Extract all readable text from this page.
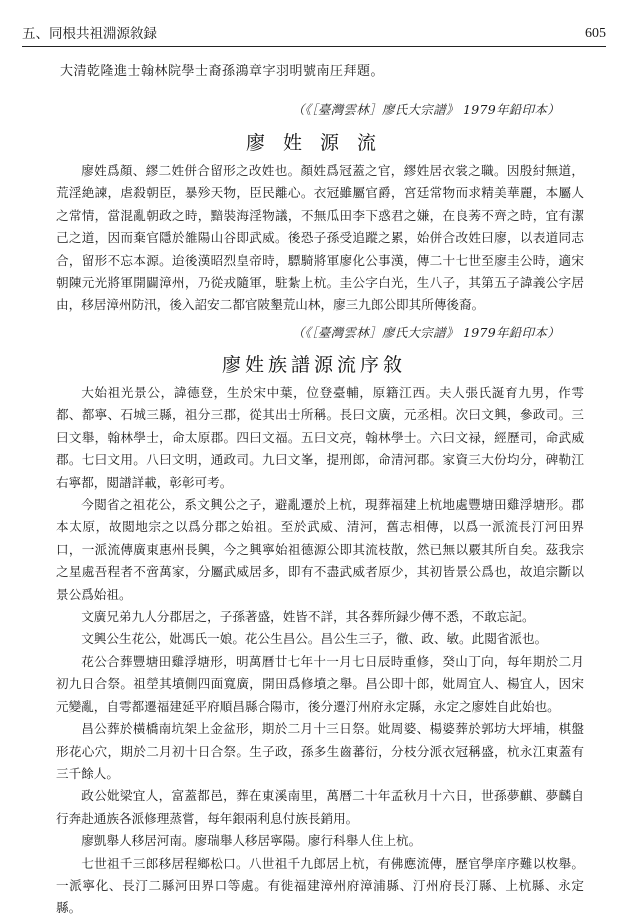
五、同根共祖淵源敘録	605
大清乾隆進士翰林院學士裔孫鴻章字羽明號南圧拜題。
（《［臺灣雲林］廖氏大宗譜》 1979年鉛印本）
廖 姓 源 流

廖姓爲顏、繆二姓併合留形之改姓也。顏姓爲冠蓋之官，繆姓居衣裳之職。因殷紂無道，荒淫絶諫，虐殺朝臣，暴殄天物，臣民離心。衣冠雖屬官爵，宮廷常物而求精美華麗，本屬人之常情，當混亂朝政之時，黯裝海淫物議，不無瓜田李下惑君之嫌，在良莠不齊之時，宜有潔己之道，因而棄官隱於雒陽山谷即武威。後恐子孫受追蹤之累，始併合改姓曰廖，以表道同志合，留形不忘本源。迨後漢昭烈皇帝時，驃騎將軍廖化公事漢，傳二十七世至廖圭公時，適宋朝陳元光將軍開闢漳州，乃從戎隨軍，駐紮上杭。圭公字白光，生八子，其第五子諱義公字居由，移居漳州防汛，後入詔安二都官陂墾荒山林，廖三九郎公即其所傳後裔。

（《［臺灣雲林］廖氏大宗譜》 1979年鉛印本）
廖姓族譜源流序敘

大始祖光景公，諱德登，生於宋中葉，位登臺輔，原籍江西。夫人張氏誕育九男，作雩都、都寧、石城三縣，祖分三郡，從其出士所稱。長曰文廣，元丞相。次曰文興，參政司。三曰文舉，翰林學士，命太原郡。四曰文福。五曰文亮，翰林學士。六曰文禄，經歷司，命武威郡。七曰文用。八曰文明，通政司。九曰文峯，提刑郎，命清河郡。家資三大份均分，碑勒江右寧都，閲譜詳載，彰彰可考。

今閲省之祖花公，系文興公之子，避亂遷於上杭，現葬福建上杭地處豐塘田雞浮塘形。郡本太原，故閲地宗之以爲分郡之始祖。至於武威、清河，舊志相傳，以爲一派流長汀河田界口，一派流傳廣東惠州長興，今之興寧始祖德源公即其流枝散，然已無以覈其所自矣。茲我宗之星處吾程者不啻萬家，分屬武威居多，即有不盡武威者原少，其初皆景公爲也，故追宗斷以景公爲始祖。

文廣兄弟九人分郡居之，子孫著盛，姓皆不詳，其各葬所録少傳不悉，不敢忘記。

文興公生花公，妣馮氏一娘。花公生昌公。昌公生三子，徹、政、敏。此閲省派也。

花公合葬豐塘田雞浮塘形，明萬曆廿七年十一月七日辰時重修，癸山丁向，每年期於二月初九日合祭。祖塋其墳側四面寬廣，開田爲修墳之舉。昌公即十郎，妣周宜人、楊宜人，因宋元變亂，自雩都遷福建延平府順昌縣合陽市，後分遷汀州府永定縣，永定之廖姓自此始也。

昌公葬於橫橋南坑架上金盆形，期於二月十三日祭。妣周婆、楊婆葬於郭坊大坪埔，棋盤形花心穴，期於二月初十日合祭。生子政，孫多生齒蕃衍，分枝分派衣冠稱盛，杭永江東蓋有三千餘人。

政公妣梁宜人，富蓋都邑，葬在東溪南里，萬曆二十年孟秋月十六日，世孫夢麒、夢麟自行奔赴通族各派修理蒸嘗，每年銀兩利息付族長銷用。

廖凱舉人移居河南。廖瑞舉人移居寧陽。廖行科舉人住上杭。

七世祖千三郎移居程鄉松口。八世祖千九郎居上杭，有佛應流傳，歷官學庠序難以枚舉。一派寧化、長汀二縣河田界口等處。有徙福建漳州府漳浦縣、汀州府長汀縣、上杭縣、永定縣。
